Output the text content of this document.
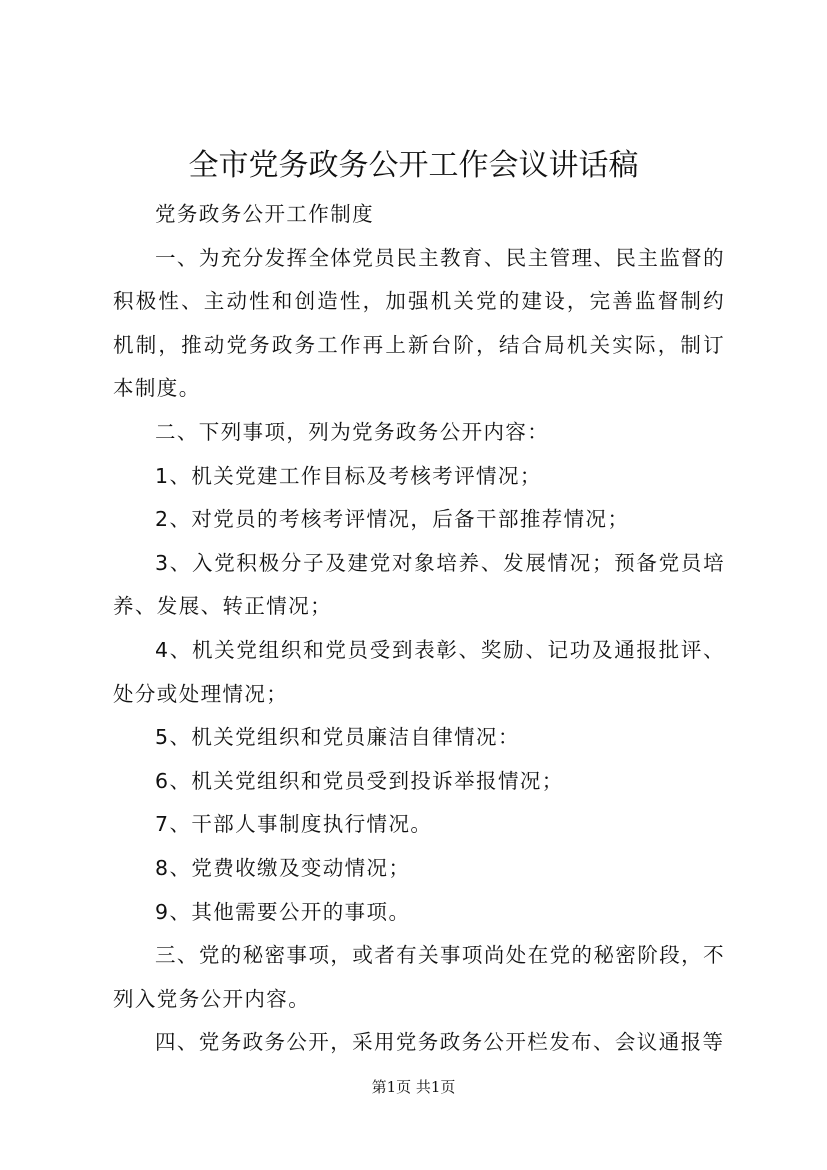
全市党务政务公开工作会议讲话稿

党务政务公开工作制度

一、为充分发挥全体党员民主教育、民主管理、民主监督的积极性、主动性和创造性，加强机关党的建设，完善监督制约机制，推动党务政务工作再上新台阶，结合局机关实际，制订本制度。

二、下列事项，列为党务政务公开内容：

1、机关党建工作目标及考核考评情况；

2、对党员的考核考评情况，后备干部推荐情况；

3、入党积极分子及建党对象培养、发展情况；预备党员培养、发展、转正情况；

4、机关党组织和党员受到表彰、奖励、记功及通报批评、处分或处理情况；

5、机关党组织和党员廉洁自律情况：

6、机关党组织和党员受到投诉举报情况；

7、干部人事制度执行情况。

8、党费收缴及变动情况；

9、其他需要公开的事项。

三、党的秘密事项，或者有关事项尚处在党的秘密阶段，不列入党务公开内容。

四、党务政务公开，采用党务政务公开栏发布、会议通报等

第1页 共1页
